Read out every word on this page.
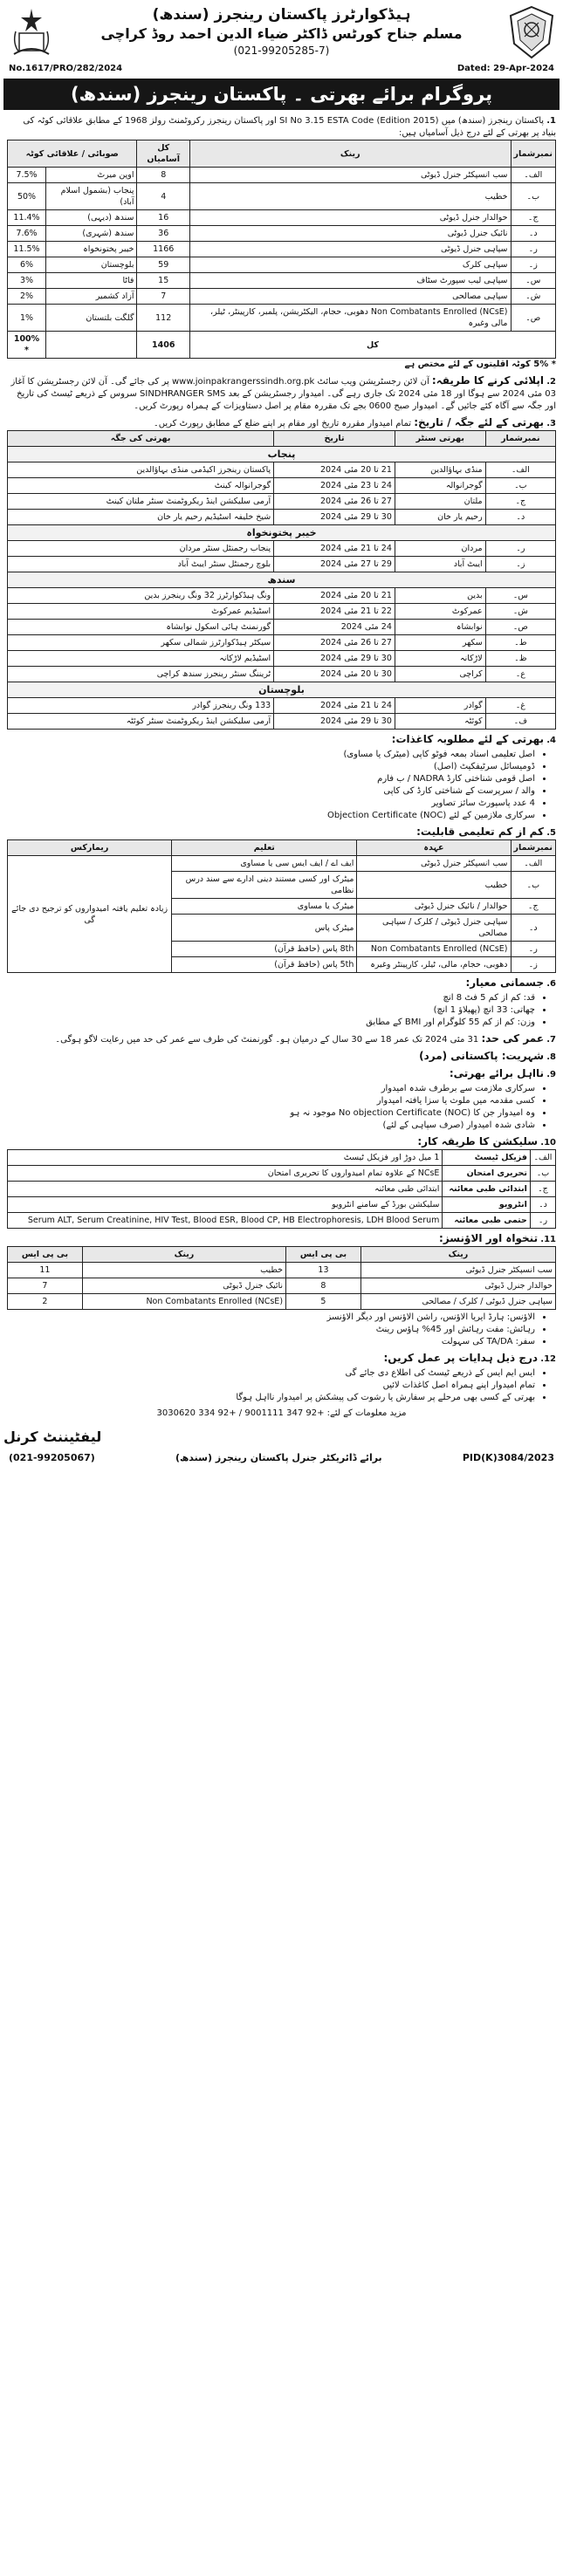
ہیڈکوارٹرز پاکستان رینجرز (سندھ)
مسلم جناح کورٹس ڈاکٹر ضیاء الدین احمد روڈ کراچی
(021-99205285-7)
No.1617/PRO/282/2024	Dated: 29-Apr-2024
پروگرام برائے بھرتی ۔ پاکستان رینجرز (سندھ)
1. پاکستان رینجرز (سندھ) میں SI No 3.15 ESTA Code (Edition 2015) اور پاکستان رینجرز رکروٹمنٹ رولز 1968 کے مطابق علاقائی کوٹہ کی بنیاد پر بھرتی کے لئے درج ذیل آسامیاں ہیں:
نمبرشمار	رینک	کل آسامیاں	صوبائی / علاقائی کوٹہ	
الف۔	سب انسپکٹر جنرل ڈیوٹی	8	اوپن میرٹ	7.5%
ب۔	خطیب	4	پنجاب (بشمول اسلام آباد)	50%
ج۔	حوالدار جنرل ڈیوٹی	16	سندھ (دیہی)	11.4%
د۔	نائیک جنرل ڈیوٹی	36	سندھ (شہری)	7.6%
ر۔	سپاہی جنرل ڈیوٹی	1166	خیبر پختونخواہ	11.5%
ز۔	سپاہی کلرک	59	بلوچستان	6%
س۔	سپاہی لیب سپورٹ سٹاف	15	فاٹا	3%
ش۔	سپاہی مصالحی	7	آزاد کشمیر	2%
ص۔	Non Combatants Enrolled (NCsE) دھوبی، حجام، الیکٹریشن، پلمبر، کارپینٹر، ٹیلر، مالی وغیرہ	112	گلگت بلتستان	1%
کل		1406		100% *
* 5% کوٹہ اقلیتوں کے لئے مختص ہے
2. اپلائی کرنے کا طریقہ: آن لائن رجسٹریشن ویب سائٹ www.joinpakrangerssindh.org.pk پر کی جائے گی۔ آن لائن رجسٹریشن کا آغاز 03 مئی 2024 سے ہوگا اور 18 مئی 2024 تک جاری رہے گی۔ امیدوار رجسٹریشن کے بعد SINDHRANGER SMS سروس کے ذریعے ٹیسٹ کی تاریخ اور جگہ سے آگاہ کئے جائیں گے۔ امیدوار صبح 0600 بجے تک مقررہ مقام پر اصل دستاویزات کے ہمراہ رپورٹ کریں۔
3. بھرتی کے لئے جگہ / تاریخ: تمام امیدوار مقررہ تاریخ اور مقام پر اپنے ضلع کے مطابق رپورٹ کریں۔
نمبرشمار	بھرتی سنٹر	تاریخ	بھرتی کی جگہ
پنجاب			
الف۔	منڈی بہاؤالدین	21 تا 20 مئی 2024	پاکستان رینجرز اکیڈمی منڈی بہاؤالدین
ب۔	گوجرانوالہ	24 تا 23 مئی 2024	گوجرانوالہ کینٹ
ج۔	ملتان	27 تا 26 مئی 2024	آرمی سلیکشن اینڈ ریکروٹمنٹ سنٹر ملتان کینٹ
د۔	رحیم یار خان	30 تا 29 مئی 2024	شیخ خلیفہ اسٹیڈیم رحیم یار خان
خیبر پختونخواہ			
ر۔	مردان	24 تا 21 مئی 2024	پنجاب رجمنٹل سنٹر مردان
ز۔	ایبٹ آباد	29 تا 27 مئی 2024	بلوچ رجمنٹل سنٹر ایبٹ آباد
سندھ			
س۔	بدین	21 تا 20 مئی 2024	ونگ ہیڈکوارٹرز 32 ونگ رینجرز بدین
ش۔	عمرکوٹ	22 تا 21 مئی 2024	اسٹیڈیم عمرکوٹ
ص۔	نوابشاہ	24 مئی 2024	گورنمنٹ ہائی اسکول نوابشاہ
ط۔	سکھر	27 تا 26 مئی 2024	سیکٹر ہیڈکوارٹرز شمالی سکھر
ظ۔	لاڑکانہ	30 تا 29 مئی 2024	اسٹیڈیم لاڑکانہ
ع۔	کراچی	30 تا 20 مئی 2024	ٹریننگ سنٹر رینجرز سندھ کراچی
بلوچستان			
غ۔	گوادر	24 تا 21 مئی 2024	133 ونگ رینجرز گوادر
ف۔	کوئٹہ	30 تا 29 مئی 2024	آرمی سلیکشن اینڈ ریکروٹمنٹ سنٹر کوئٹہ
4. بھرتی کے لئے مطلوبہ کاغذات:
• اصل تعلیمی اسناد بمعہ فوٹو کاپی (میٹرک یا مساوی)
• ڈومیسائل سرٹیفکیٹ (اصل)
• اصل قومی شناختی کارڈ NADRA / ب فارم
• والد / سرپرست کے شناختی کارڈ کی کاپی
• 4 عدد پاسپورٹ سائز تصاویر
• سرکاری ملازمین کے لئے Objection Certificate (NOC)
5. کم از کم تعلیمی قابلیت:
نمبرشمار	عہدہ	تعلیم	ریمارکس
الف۔	سب انسپکٹر جنرل ڈیوٹی	ایف اے / ایف ایس سی یا مساوی	زیادہ تعلیم یافتہ امیدواروں کو ترجیح دی جائے گی
ب۔	خطیب	میٹرک اور کسی مستند دینی ادارے سے سند درس نظامی	
ج۔	حوالدار / نائیک جنرل ڈیوٹی	میٹرک یا مساوی	
د۔	سپاہی جنرل ڈیوٹی / کلرک / سپاہی مصالحی	میٹرک پاس	
ر۔	Non Combatants Enrolled (NCsE)	8th پاس (حافظ قرآن)	
ز۔	دھوبی، حجام، مالی، ٹیلر، کارپینٹر وغیرہ	5th پاس (حافظ قرآن)	
6. جسمانی معیار:
• قد: کم از کم 5 فٹ 8 انچ
• چھاتی: 33 انچ (پھیلاؤ 1 انچ)
• وزن: کم از کم 55 کلوگرام اور BMI کے مطابق
7. عمر کی حد: 31 مئی 2024 تک عمر 18 سے 30 سال کے درمیان ہو۔ گورنمنٹ کی طرف سے عمر کی حد میں رعایت لاگو ہوگی۔
8. شہریت: پاکستانی (مرد)
9. نااہل برائے بھرتی:
• سرکاری ملازمت سے برطرف شدہ امیدوار
• کسی مقدمہ میں ملوث یا سزا یافتہ امیدوار
• وہ امیدوار جن کا No objection Certificate (NOC) موجود نہ ہو
• شادی شدہ امیدوار (صرف سپاہی کے لئے)
10. سلیکشن کا طریقہ کار:
الف۔	فزیکل ٹیسٹ	1 میل دوڑ اور فزیکل ٹیسٹ
ب۔	تحریری امتحان	NCsE کے علاوہ تمام امیدواروں کا تحریری امتحان
ج۔	ابتدائی طبی معائنہ	ابتدائی طبی معائنہ
د۔	انٹرویو	سلیکشن بورڈ کے سامنے انٹرویو
ر۔	حتمی طبی معائنہ	Serum ALT, Serum Creatinine, HIV Test, Blood ESR, Blood CP, HB Electrophoresis, LDH Blood Serum
11. تنخواہ اور الاؤنسز:
رینک	بی پی ایس	رینک	بی پی ایس
سب انسپکٹر جنرل ڈیوٹی	13	خطیب	11
حوالدار جنرل ڈیوٹی	8	نائیک جنرل ڈیوٹی	7
سپاہی جنرل ڈیوٹی / کلرک / مصالحی	5	Non Combatants Enrolled (NCsE)	2
• الاؤنس: ہارڈ ایریا الاؤنس، راشن الاؤنس اور دیگر الاؤنسز
• رہائش: مفت رہائش اور 45% ہاؤس رینٹ
• سفر: TA/DA کی سہولت
12. درج ذیل ہدایات پر عمل کریں:
• ایس ایم ایس کے ذریعے ٹیسٹ کی اطلاع دی جائے گی
• تمام امیدوار اپنے ہمراہ اصل کاغذات لائیں
• بھرتی کے کسی بھی مرحلے پر سفارش یا رشوت کی پیشکش پر امیدوار نااہل ہوگا
مزید معلومات کے لئے: +92 347 9001111 / +92 334 3030620
لیفٹیننٹ کرنل
(021-99205067)	برائے ڈائریکٹر جنرل پاکستان رینجرز (سندھ)	PID(K)3084/2023
